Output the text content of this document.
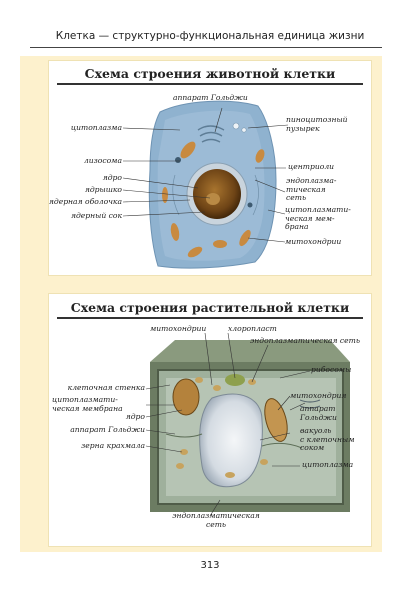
Клетка — структурно-функциональная единица жизни
Схема строения животной клетки
Схема строения растительной клетки
аппарат Гольджи
пиноцитозный
пузырек
цитоплазма
лизосома
центриоли
ядро	эндоплазма-
тическая
сеть
ядрышко
ядерная оболочка
цитоплазмати-
ческая мем-
брана
ядерный сок
митохондрии
митохондрии	хлоропласт
эндоплазматическая сеть
рибосомы
клеточная стенка
митохондрия
цитоплазмати-
ческая мембрана	аппарат
Гольджи
ядро
аппарат Гольджи	вакуоль
с клеточным
соком
зерна крахмала
цитоплазма
эндоплазматическая
сеть
313
